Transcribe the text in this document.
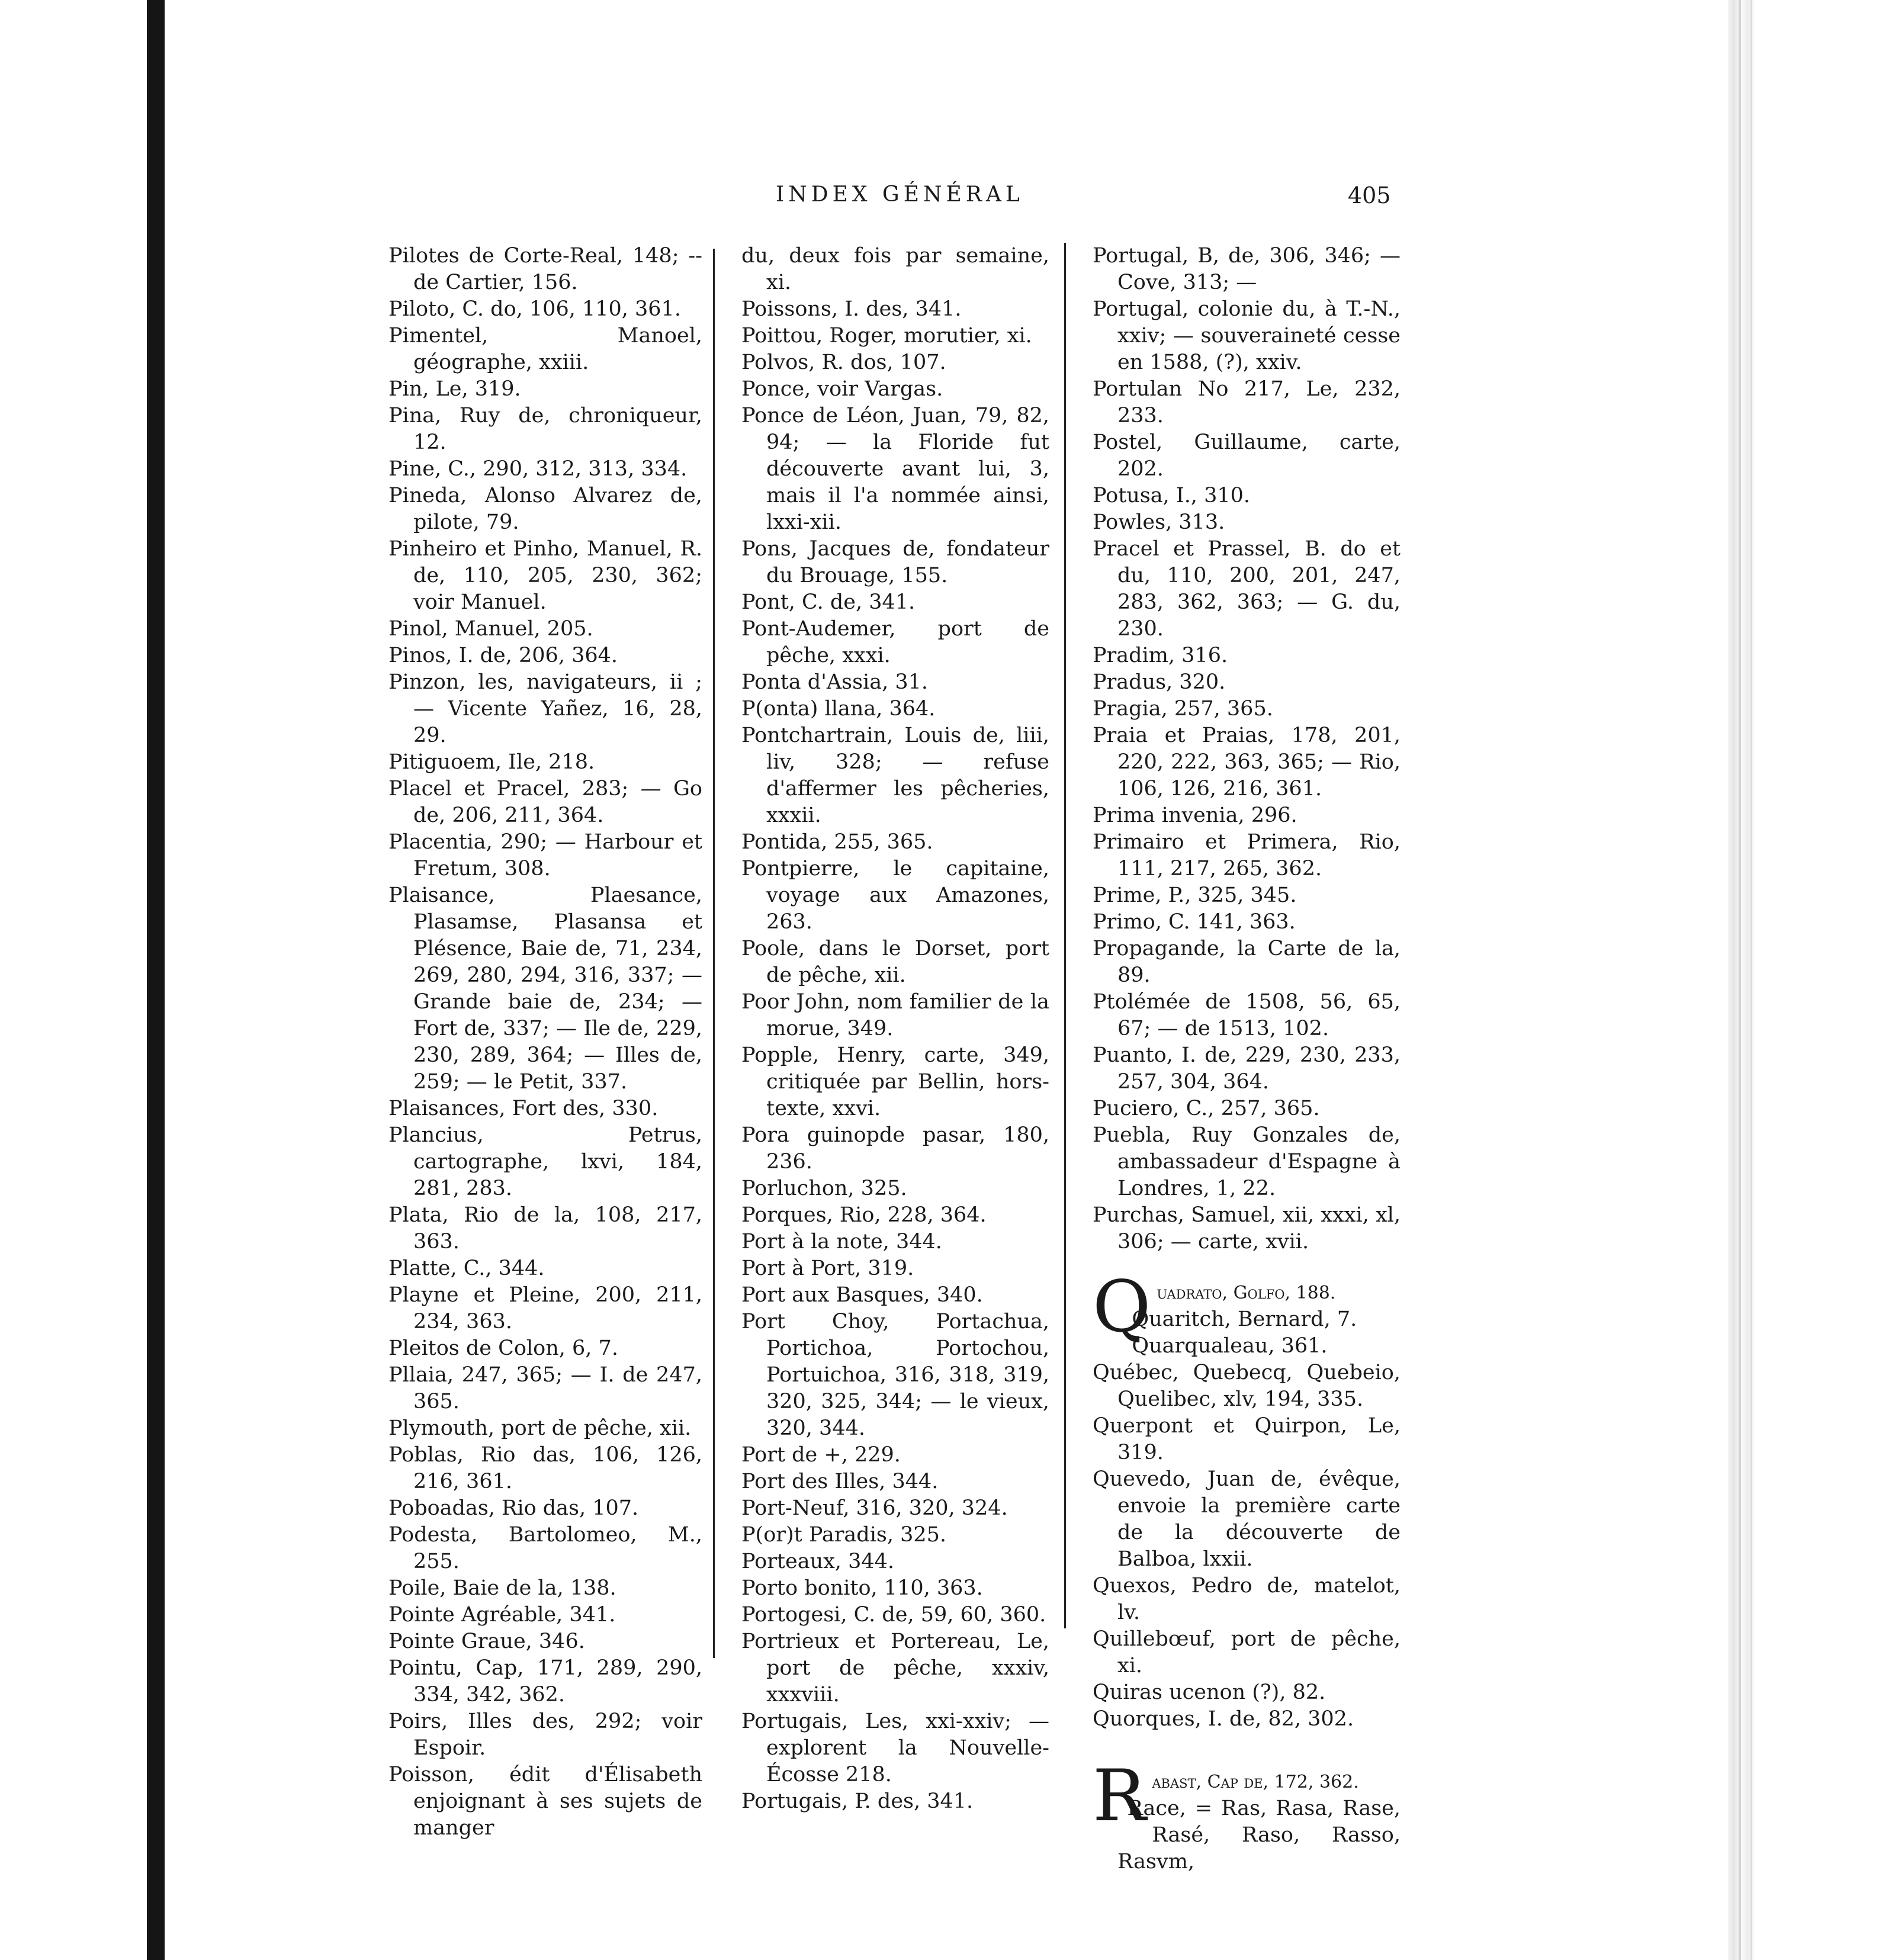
INDEX GÉNÉRAL	405

Pilotes de Corte-Real, 148; -- de Cartier, 156.

Piloto, C. do, 106, 110, 361.

Pimentel, Manoel, géographe, xxiii.

Pin, Le, 319.

Pina, Ruy de, chroniqueur, 12.

Pine, C., 290, 312, 313, 334.

Pineda, Alonso Alvarez de, pilote, 79.

Pinheiro et Pinho, Manuel, R. de, 110, 205, 230, 362; voir Manuel.

Pinol, Manuel, 205.

Pinos, I. de, 206, 364.

Pinzon, les, navigateurs, ii ; — Vicente Yañez, 16, 28, 29.

Pitiguoem, Ile, 218.

Placel et Pracel, 283; — Go de, 206, 211, 364.

Placentia, 290; — Harbour et Fretum, 308.

Plaisance, Plaesance, Plasamse, Plasansa et Plésence, Baie de, 71, 234, 269, 280, 294, 316, 337; — Grande baie de, 234; — Fort de, 337; — Ile de, 229, 230, 289, 364; — Illes de, 259; — le Petit, 337.

Plaisances, Fort des, 330.

Plancius, Petrus, cartographe, lxvi, 184, 281, 283.

Plata, Rio de la, 108, 217, 363.

Platte, C., 344.

Playne et Pleine, 200, 211, 234, 363.

Pleitos de Colon, 6, 7.

Pllaia, 247, 365; — I. de 247, 365.

Plymouth, port de pêche, xii.

Poblas, Rio das, 106, 126, 216, 361.

Poboadas, Rio das, 107.

Podesta, Bartolomeo, M., 255.

Poile, Baie de la, 138.

Pointe Agréable, 341.

Pointe Graue, 346.

Pointu, Cap, 171, 289, 290, 334, 342, 362.

Poirs, Illes des, 292; voir Espoir.

Poisson, édit d'Élisabeth enjoignant à ses sujets de manger

du, deux fois par semaine, xi.

Poissons, I. des, 341.

Poittou, Roger, morutier, xi.

Polvos, R. dos, 107.

Ponce, voir Vargas.

Ponce de Léon, Juan, 79, 82, 94; — la Floride fut découverte avant lui, 3, mais il l'a nommée ainsi, lxxi-xii.

Pons, Jacques de, fondateur du Brouage, 155.

Pont, C. de, 341.

Pont-Audemer, port de pêche, xxxi.

Ponta d'Assia, 31.

P(onta) llana, 364.

Pontchartrain, Louis de, liii, liv, 328; — refuse d'affermer les pêcheries, xxxii.

Pontida, 255, 365.

Pontpierre, le capitaine, voyage aux Amazones, 263.

Poole, dans le Dorset, port de pêche, xii.

Poor John, nom familier de la morue, 349.

Popple, Henry, carte, 349, critiquée par Bellin, hors-texte, xxvi.

Pora guinopde pasar, 180, 236.

Porluchon, 325.

Porques, Rio, 228, 364.

Port à la note, 344.

Port à Port, 319.

Port aux Basques, 340.

Port Choy, Portachua, Portichoa, Portochou, Portuichoa, 316, 318, 319, 320, 325, 344; — le vieux, 320, 344.

Port de +, 229.

Port des Illes, 344.

Port-Neuf, 316, 320, 324.

P(or)t Paradis, 325.

Porteaux, 344.

Porto bonito, 110, 363.

Portogesi, C. de, 59, 60, 360.

Portrieux et Portereau, Le, port de pêche, xxxiv, xxxviii.

Portugais, Les, xxi-xxiv; — explorent la Nouvelle-Écosse 218.

Portugais, P. des, 341.

Portugal, B, de, 306, 346; — Cove, 313; —

Portugal, colonie du, à T.-N., xxiv; — souveraineté cesse en 1588, (?), xxiv.

Portulan No 217, Le, 232, 233.

Postel, Guillaume, carte, 202.

Potusa, I., 310.

Powles, 313.

Pracel et Prassel, B. do et du, 110, 200, 201, 247, 283, 362, 363; — G. du, 230.

Pradim, 316.

Pradus, 320.

Pragia, 257, 365.

Praia et Praias, 178, 201, 220, 222, 363, 365; — Rio, 106, 126, 216, 361.

Prima invenia, 296.

Primairo et Primera, Rio, 111, 217, 265, 362.

Prime, P., 325, 345.

Primo, C. 141, 363.

Propagande, la Carte de la, 89.

Ptolémée de 1508, 56, 65, 67; — de 1513, 102.

Puanto, I. de, 229, 230, 233, 257, 304, 364.

Puciero, C., 257, 365.

Puebla, Ruy Gonzales de, ambassadeur d'Espagne à Londres, 1, 22.

Purchas, Samuel, xii, xxxi, xl, 306; — carte, xvii.

Q uadrato, Golfo, 188.

Quaritch, Bernard, 7.

Quarqualeau, 361.

Québec, Quebecq, Quebeio, Quelibec, xlv, 194, 335.

Querpont et Quirpon, Le, 319.

Quevedo, Juan de, évêque, envoie la première carte de la découverte de Balboa, lxxii.

Quexos, Pedro de, matelot, lv.

Quillebœuf, port de pêche, xi.

Quiras ucenon (?), 82.

Quorques, I. de, 82, 302.

R abast, Cap de, 172, 362.

Race, = Ras, Rasa, Rase, Rasé, Raso, Rasso, Rasvm,
